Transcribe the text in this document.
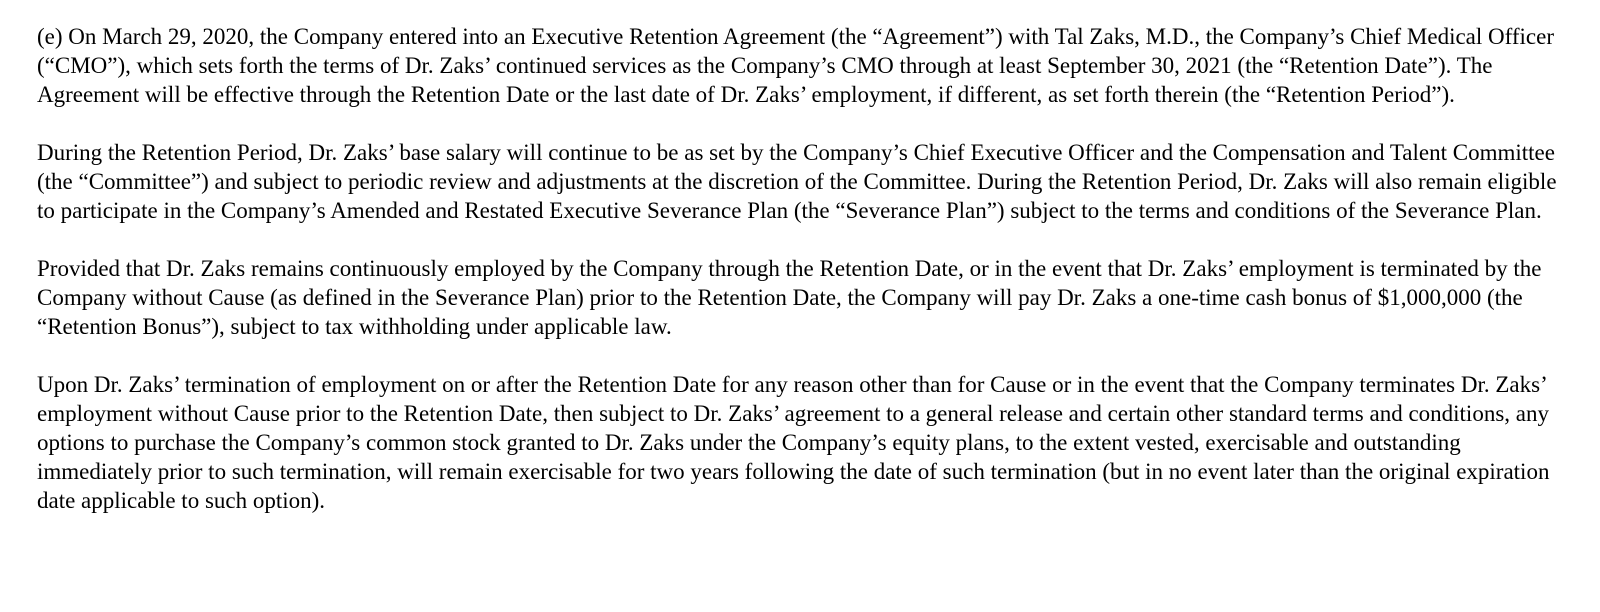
(e) On March 29, 2020, the Company entered into an Executive Retention Agreement (the “Agreement”) with Tal Zaks, M.D., the Company’s Chief Medical Officer (“CMO”), which sets forth the terms of Dr. Zaks’ continued services as the Company’s CMO through at least September 30, 2021 (the “Retention Date”). The Agreement will be effective through the Retention Date or the last date of Dr. Zaks’ employment, if different, as set forth therein (the “Retention Period”).

During the Retention Period, Dr. Zaks’ base salary will continue to be as set by the Company’s Chief Executive Officer and the Compensation and Talent Committee (the “Committee”) and subject to periodic review and adjustments at the discretion of the Committee. During the Retention Period, Dr. Zaks will also remain eligible to participate in the Company’s Amended and Restated Executive Severance Plan (the “Severance Plan”) subject to the terms and conditions of the Severance Plan.

Provided that Dr. Zaks remains continuously employed by the Company through the Retention Date, or in the event that Dr. Zaks’ employment is terminated by the Company without Cause (as defined in the Severance Plan) prior to the Retention Date, the Company will pay Dr. Zaks a one-time cash bonus of $1,000,000 (the “Retention Bonus”), subject to tax withholding under applicable law.

Upon Dr. Zaks’ termination of employment on or after the Retention Date for any reason other than for Cause or in the event that the Company terminates Dr. Zaks’ employment without Cause prior to the Retention Date, then subject to Dr. Zaks’ agreement to a general release and certain other standard terms and conditions, any options to purchase the Company’s common stock granted to Dr. Zaks under the Company’s equity plans, to the extent vested, exercisable and outstanding immediately prior to such termination, will remain exercisable for two years following the date of such termination (but in no event later than the original expiration date applicable to such option).
